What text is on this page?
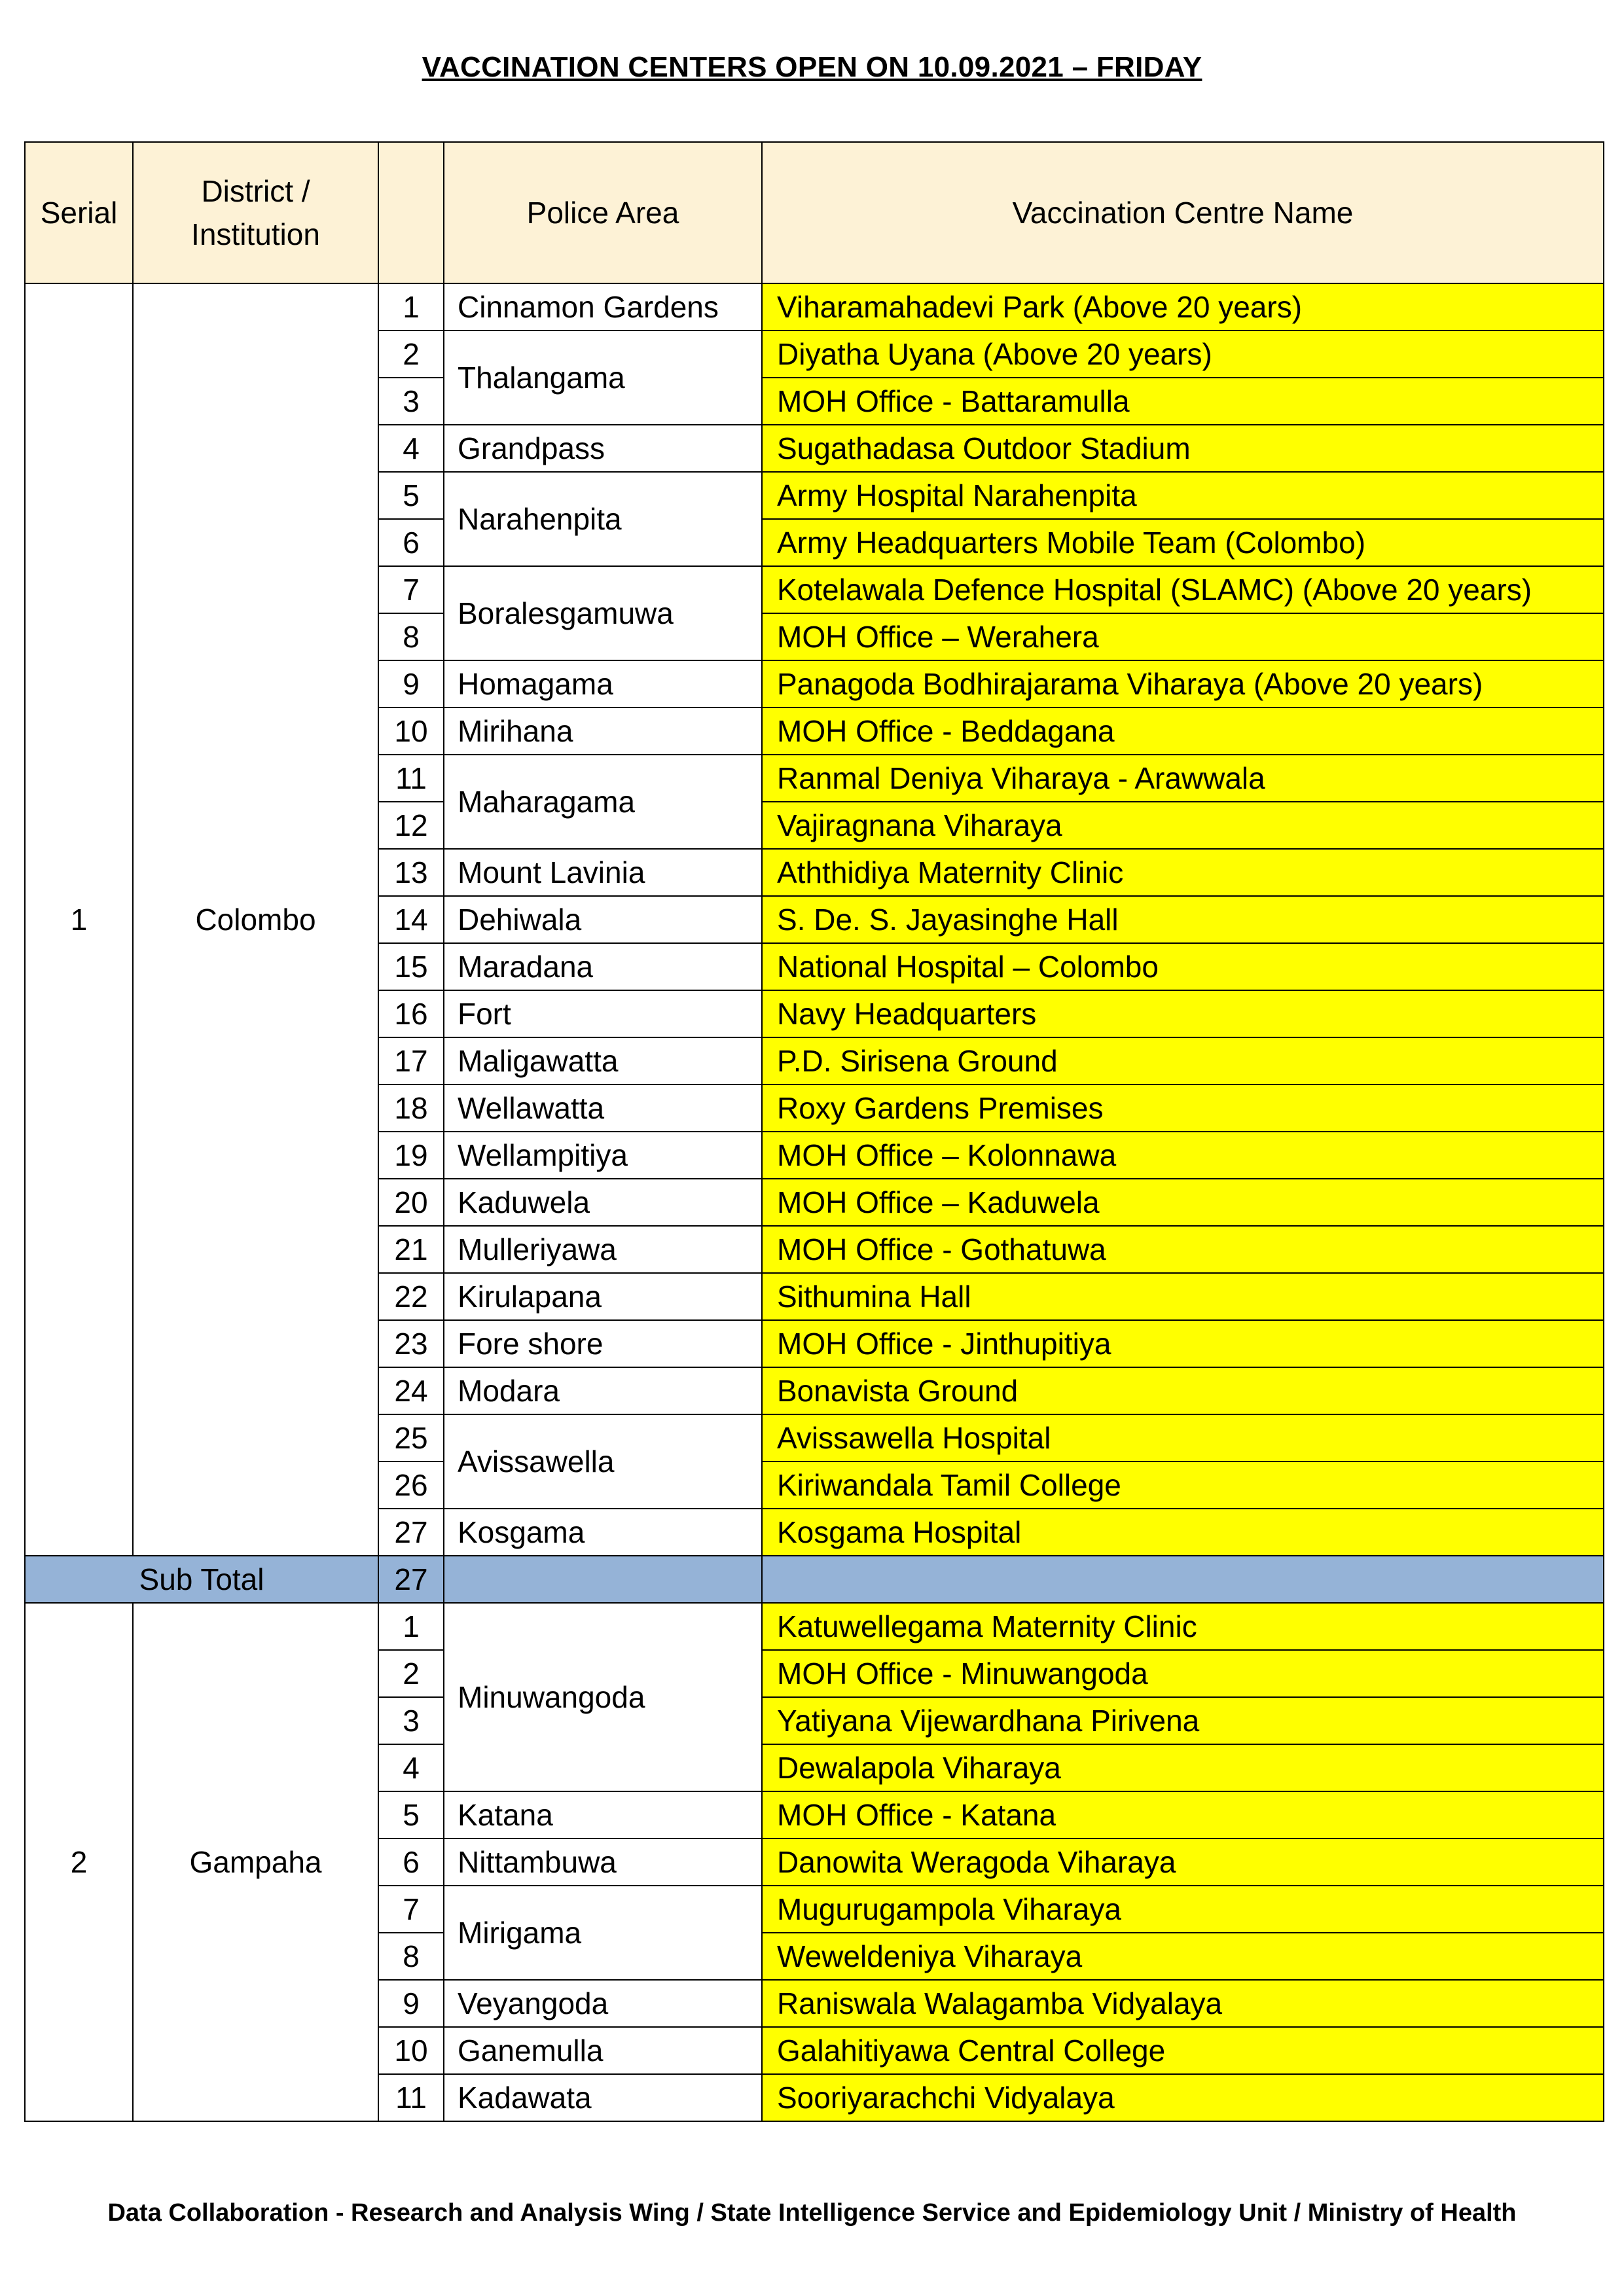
VACCINATION CENTERS OPEN ON 10.09.2021 – FRIDAY
Serial	District / Institution		Police Area	Vaccination Centre Name
1	Colombo	1	Cinnamon Gardens	Viharamahadevi Park (Above 20 years)
		2	Thalangama	Diyatha Uyana (Above 20 years)
		3		MOH Office - Battaramulla
		4	Grandpass	Sugathadasa Outdoor Stadium
		5	Narahenpita	Army Hospital Narahenpita
		6		Army Headquarters Mobile Team (Colombo)
		7	Boralesgamuwa	Kotelawala Defence Hospital (SLAMC) (Above 20 years)
		8		MOH Office – Werahera
		9	Homagama	Panagoda Bodhirajarama Viharaya (Above 20 years)
		10	Mirihana	MOH Office - Beddagana
		11	Maharagama	Ranmal Deniya Viharaya - Arawwala
		12		Vajiragnana Viharaya
		13	Mount Lavinia	Aththidiya Maternity Clinic
		14	Dehiwala	S. De. S. Jayasinghe Hall
		15	Maradana	National Hospital – Colombo
		16	Fort	Navy Headquarters
		17	Maligawatta	P.D. Sirisena Ground
		18	Wellawatta	Roxy Gardens Premises
		19	Wellampitiya	MOH Office – Kolonnawa
		20	Kaduwela	MOH Office – Kaduwela
		21	Mulleriyawa	MOH Office - Gothatuwa
		22	Kirulapana	Sithumina Hall
		23	Fore shore	MOH Office - Jinthupitiya
		24	Modara	Bonavista Ground
		25	Avissawella	Avissawella Hospital
		26		Kiriwandala Tamil College
		27	Kosgama	Kosgama Hospital
Sub Total		27		
2	Gampaha	1	Minuwangoda	Katuwellegama Maternity Clinic
		2		MOH Office - Minuwangoda
		3		Yatiyana Vijewardhana Pirivena
		4		Dewalapola Viharaya
		5	Katana	MOH Office - Katana
		6	Nittambuwa	Danowita Weragoda Viharaya
		7	Mirigama	Mugurugampola Viharaya
		8		Weweldeniya Viharaya
		9	Veyangoda	Raniswala Walagamba Vidyalaya
		10	Ganemulla	Galahitiyawa Central College
		11	Kadawata	Sooriyarachchi Vidyalaya
Data Collaboration - Research and Analysis Wing / State Intelligence Service and Epidemiology Unit / Ministry of Health
